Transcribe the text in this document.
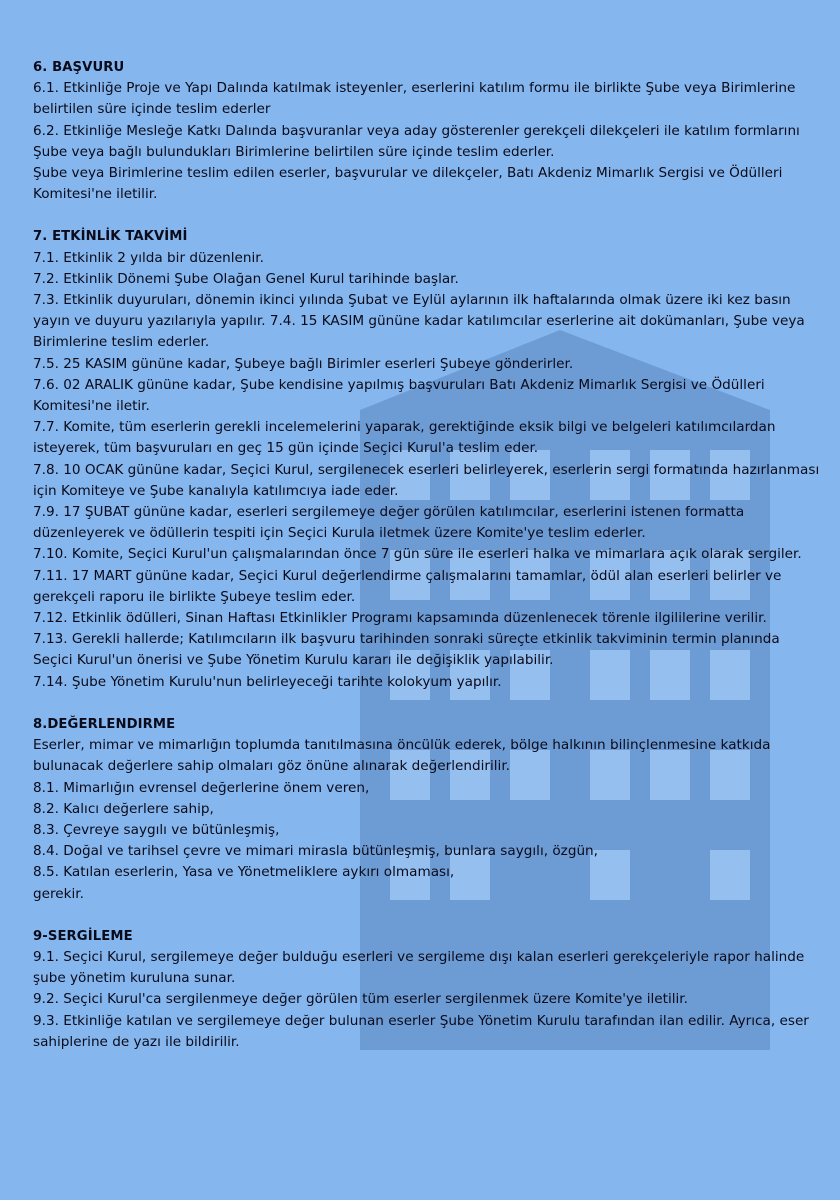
6. BAŞVURU

6.1. Etkinliğe Proje ve Yapı Dalında katılmak isteyenler, eserlerini katılım formu ile birlikte Şube veya Birimlerine belirtilen süre içinde teslim ederler

6.2. Etkinliğe Mesleğe Katkı Dalında başvuranlar veya aday gösterenler gerekçeli dilekçeleri ile katılım formlarını Şube veya bağlı bulundukları Birimlerine belirtilen süre içinde teslim ederler.

Şube veya Birimlerine teslim edilen eserler, başvurular ve dilekçeler, Batı Akdeniz Mimarlık Sergisi ve Ödülleri Komitesi'ne iletilir.

7. ETKİNLİK TAKVİMİ

7.1. Etkinlik 2 yılda bir düzenlenir.

7.2. Etkinlik Dönemi Şube Olağan Genel Kurul tarihinde başlar.

7.3. Etkinlik duyuruları, dönemin ikinci yılında Şubat ve Eylül aylarının ilk haftalarında olmak üzere iki kez basın yayın ve duyuru yazılarıyla yapılır. 7.4. 15 KASIM gününe kadar katılımcılar eserlerine ait dokümanları, Şube veya Birimlerine teslim ederler.

7.5. 25 KASIM gününe kadar, Şubeye bağlı Birimler eserleri Şubeye gönderirler.

7.6. 02 ARALIK gününe kadar, Şube kendisine yapılmış başvuruları Batı Akdeniz Mimarlık Sergisi ve Ödülleri Komitesi'ne iletir.

7.7. Komite, tüm eserlerin gerekli incelemelerini yaparak, gerektiğinde eksik bilgi ve belgeleri katılımcılardan isteyerek, tüm başvuruları en geç 15 gün içinde Seçici Kurul'a teslim eder.

7.8. 10 OCAK gününe kadar, Seçici Kurul, sergilenecek eserleri belirleyerek, eserlerin sergi formatında hazırlanması için Komiteye ve Şube kanalıyla katılımcıya iade eder.

7.9. 17 ŞUBAT gününe kadar, eserleri sergilemeye değer görülen katılımcılar, eserlerini istenen formatta düzenleyerek ve ödüllerin tespiti için Seçici Kurula iletmek üzere Komite'ye teslim ederler.

7.10. Komite, Seçici Kurul'un çalışmalarından önce 7 gün süre ile eserleri halka ve mimarlara açık olarak sergiler.

7.11. 17 MART gününe kadar, Seçici Kurul değerlendirme çalışmalarını tamamlar, ödül alan eserleri belirler ve gerekçeli raporu ile birlikte Şubeye teslim eder.

7.12. Etkinlik ödülleri, Sinan Haftası Etkinlikler Programı kapsamında düzenlenecek törenle ilgililerine verilir.

7.13. Gerekli hallerde; Katılımcıların ilk başvuru tarihinden sonraki süreçte etkinlik takviminin termin planında Seçici Kurul'un önerisi ve Şube Yönetim Kurulu kararı ile değişiklik yapılabilir.

7.14. Şube Yönetim Kurulu'nun belirleyeceği tarihte kolokyum yapılır.

8.DEĞERLENDIRME

Eserler, mimar ve mimarlığın toplumda tanıtılmasına öncülük ederek, bölge halkının bilinçlenmesine katkıda bulunacak değerlere sahip olmaları göz önüne alınarak değerlendirilir.

8.1. Mimarlığın evrensel değerlerine önem veren,

8.2. Kalıcı değerlere sahip,

8.3. Çevreye saygılı ve bütünleşmiş,

8.4. Doğal ve tarihsel çevre ve mimari mirasla bütünleşmiş, bunlara saygılı, özgün,

8.5. Katılan eserlerin, Yasa ve Yönetmeliklere aykırı olmaması,

gerekir.

9-SERGİLEME

9.1. Seçici Kurul, sergilemeye değer bulduğu eserleri ve sergileme dışı kalan eserleri gerekçeleriyle rapor halinde şube yönetim kuruluna sunar.

9.2. Seçici Kurul'ca sergilenmeye değer görülen tüm eserler sergilenmek üzere Komite'ye iletilir.

9.3. Etkinliğe katılan ve sergilemeye değer bulunan eserler Şube Yönetim Kurulu tarafından ilan edilir. Ayrıca, eser sahiplerine de yazı ile bildirilir.
